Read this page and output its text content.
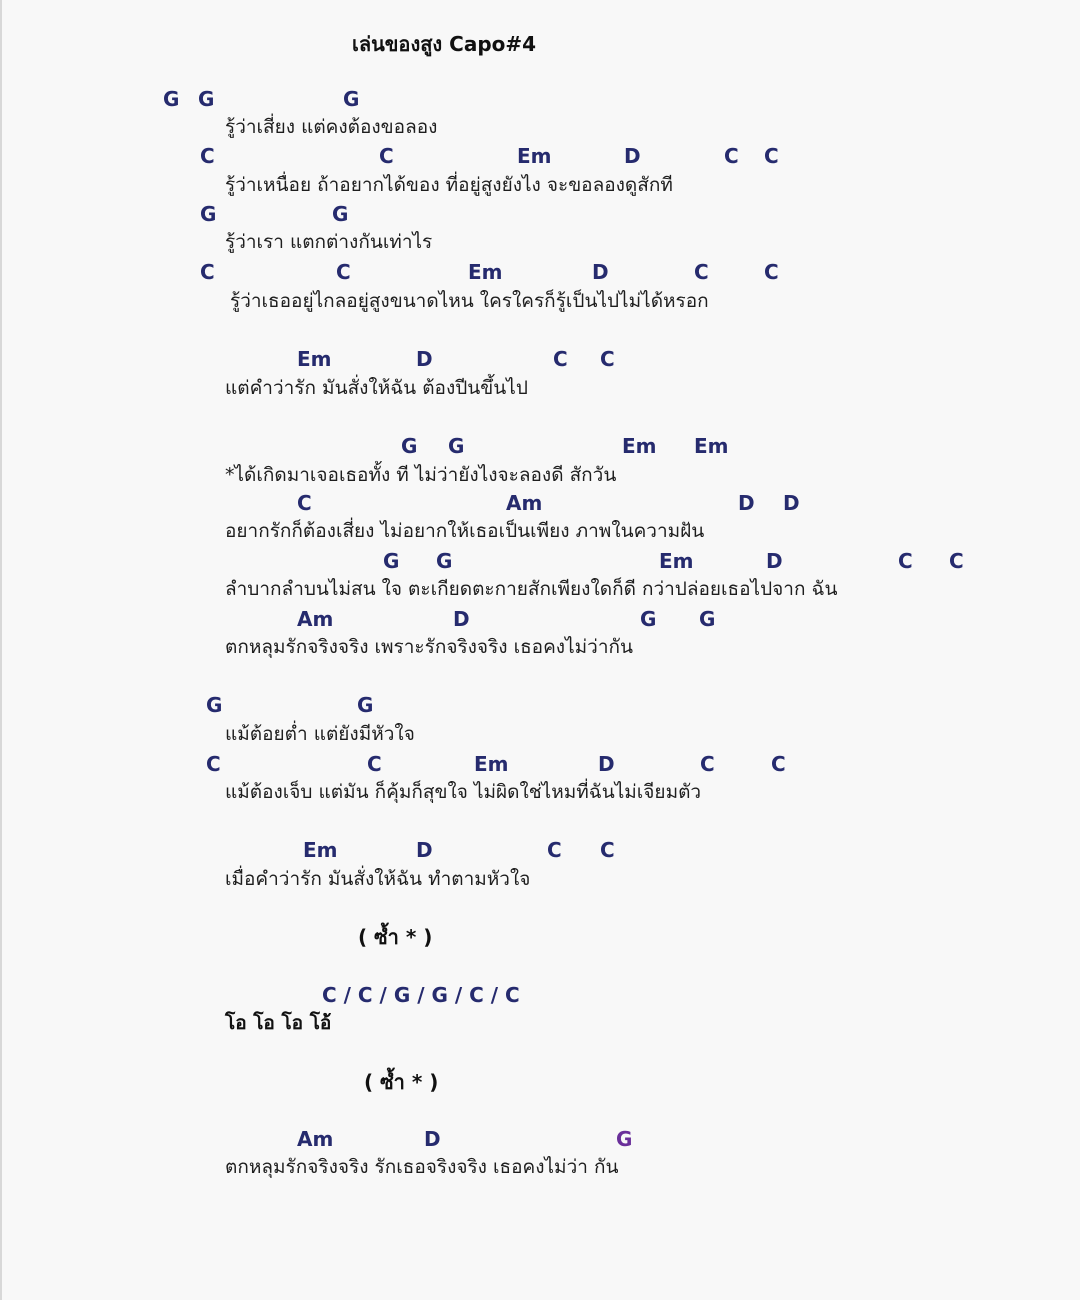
เล่นของสูง Capo#4
G G	G
รู้ว่าเสี่ยง แต่คงต้องขอลอง
C	C	Em	D	C C
รู้ว่าเหนื่อย ถ้าอยากได้ของ ที่อยู่สูงยังไง จะขอลองดูสักที
G	G
รู้ว่าเรา แตกต่างกันเท่าไร
C	C	Em	D	C	C
รู้ว่าเธออยู่ไกลอยู่สูงขนาดไหน ใครใครก็รู้เป็นไปไม่ได้หรอก
Em	D	C C
แต่คำว่ารัก มันสั่งให้ฉัน ต้องปีนขึ้นไป
G G	Em Em
*ได้เกิดมาเจอเธอทั้ง ที ไม่ว่ายังไงจะลองดี สักวัน
C	Am	D D
อยากรักก็ต้องเสี่ยง ไม่อยากให้เธอเป็นเพียง ภาพในความฝัน
G G	Em	D	C C
ลำบากลำบนไม่สน ใจ ตะเกียดตะกายสักเพียงใดก็ดี กว่าปล่อยเธอไปจาก ฉัน
Am	D	G G
ตกหลุมรักจริงจริง เพราะรักจริงจริง เธอคงไม่ว่ากัน
G	G
แม้ต้อยต่ำ แต่ยังมีหัวใจ
C	C	Em	D	C	C
แม้ต้องเจ็บ แต่มัน ก็คุ้มก็สุขใจ ไม่ผิดใช่ไหมที่ฉันไม่เจียมตัว
Em	D	C C
เมื่อคำว่ารัก มันสั่งให้ฉัน ทำตามหัวใจ
( ซ้ำ * )
C / C / G / G / C / C
โอ โอ โอ โอ้
( ซ้ำ * )
Am	D	G
ตกหลุมรักจริงจริง รักเธอจริงจริง เธอคงไม่ว่า กัน
